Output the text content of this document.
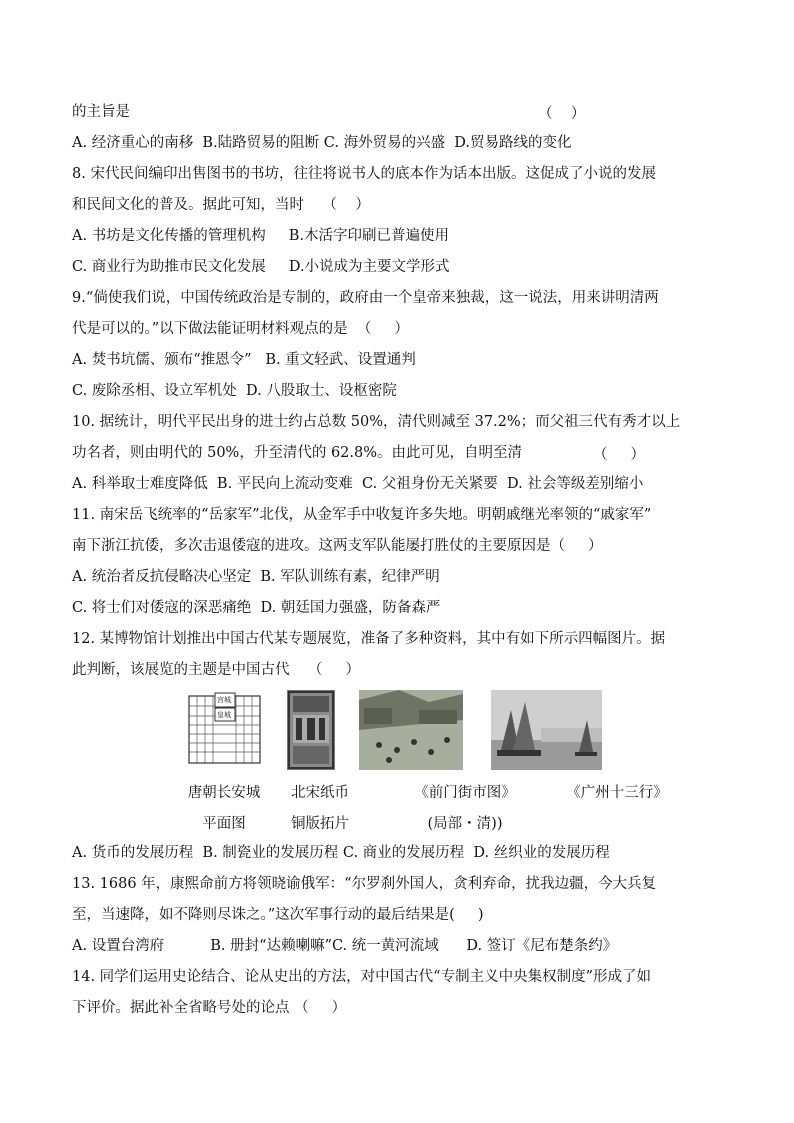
的主旨是	（    ）
A. 经济重心的南移  B.陆路贸易的阻断 C. 海外贸易的兴盛  D.贸易路线的变化
8. 宋代民间编印出售图书的书坊，往往将说书人的底本作为话本出版。这促成了小说的发展
和民间文化的普及。据此可知，当时    （    ）
A. 书坊是文化传播的管理机构     B.木活字印刷已普遍使用
C. 商业行为助推市民文化发展     D.小说成为主要文学形式
9.“倘使我们说，中国传统政治是专制的，政府由一个皇帝来独裁，这一说法，用来讲明清两
代是可以的。”以下做法能证明材料观点的是  （     ）
A. 焚书坑儒、颁布“推恩令”   B. 重文轻武、设置通判
C. 废除丞相、设立军机处  D. 八股取士、设枢密院
10. 据统计，明代平民出身的进士约占总数 50%，清代则减至 37.2%；而父祖三代有秀才以上
功名者，则由明代的 50%，升至清代的 62.8%。由此可见，自明至清	（     ）
A. 科举取士难度降低  B. 平民向上流动变难  C. 父祖身份无关紧要  D. 社会等级差别缩小
11. 南宋岳飞统率的“岳家军”北伐，从金军手中收复许多失地。明朝戚继光率领的“戚家军”
南下浙江抗倭，多次击退倭寇的进攻。这两支军队能屡打胜仗的主要原因是（     ）
A. 统治者反抗侵略决心坚定  B. 军队训练有素，纪律严明
C. 将士们对倭寇的深恶痛绝  D. 朝廷国力强盛，防备森严
12. 某博物馆计划推出中国古代某专题展览，准备了多种资料，其中有如下所示四幅图片。据
此判断，该展览的主题是中国古代    （     ）
宫城
皇城
唐朝长安城
平面图
北宋纸币
铜版拓片
《前门街市图》
(局部・清))
《广州十三行》
A. 货币的发展历程  B. 制瓷业的发展历程 C. 商业的发展历程  D. 丝织业的发展历程
13. 1686 年，康熙命前方将领晓谕俄军：“尔罗刹外国人，贪利弃命，扰我边疆，今大兵复
至，当速降，如不降则尽诛之。”这次军事行动的最后结果是(     )
A. 设置台湾府          B. 册封“达赖喇嘛”C. 统一黄河流域      D. 签订《尼布楚条约》
14. 同学们运用史论结合、论从史出的方法，对中国古代“专制主义中央集权制度”形成了如
下评价。据此补全省略号处的论点 （     ）
